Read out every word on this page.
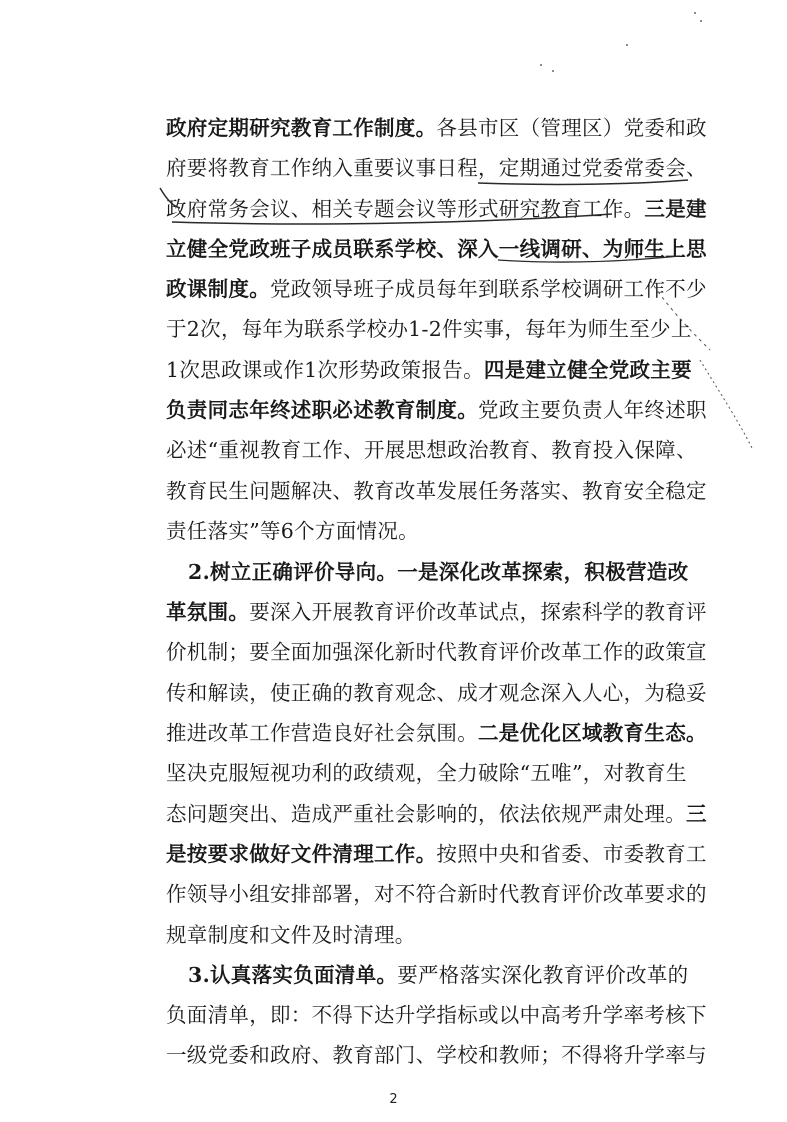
政府定期研究教育工作制度。各县市区（管理区）党委和政
府要将教育工作纳入重要议事日程，定期通过党委常委会、
政府常务会议、相关专题会议等形式研究教育工作。三是建
立健全党政班子成员联系学校、深入一线调研、为师生上思
政课制度。党政领导班子成员每年到联系学校调研工作不少
于2次，每年为联系学校办1-2件实事，每年为师生至少上
1次思政课或作1次形势政策报告。四是建立健全党政主要
负责同志年终述职必述教育制度。党政主要负责人年终述职
必述“重视教育工作、开展思想政治教育、教育投入保障、
教育民生问题解决、教育改革发展任务落实、教育安全稳定
责任落实”等6个方面情况。
2.树立正确评价导向。一是深化改革探索，积极营造改
革氛围。要深入开展教育评价改革试点，探索科学的教育评
价机制；要全面加强深化新时代教育评价改革工作的政策宣
传和解读，使正确的教育观念、成才观念深入人心，为稳妥
推进改革工作营造良好社会氛围。二是优化区域教育生态。
坚决克服短视功利的政绩观，全力破除“五唯”，对教育生
态问题突出、造成严重社会影响的，依法依规严肃处理。三
是按要求做好文件清理工作。按照中央和省委、市委教育工
作领导小组安排部署，对不符合新时代教育评价改革要求的
规章制度和文件及时清理。
3.认真落实负面清单。要严格落实深化教育评价改革的
负面清单，即：不得下达升学指标或以中高考升学率考核下
一级党委和政府、教育部门、学校和教师；不得将升学率与
2
